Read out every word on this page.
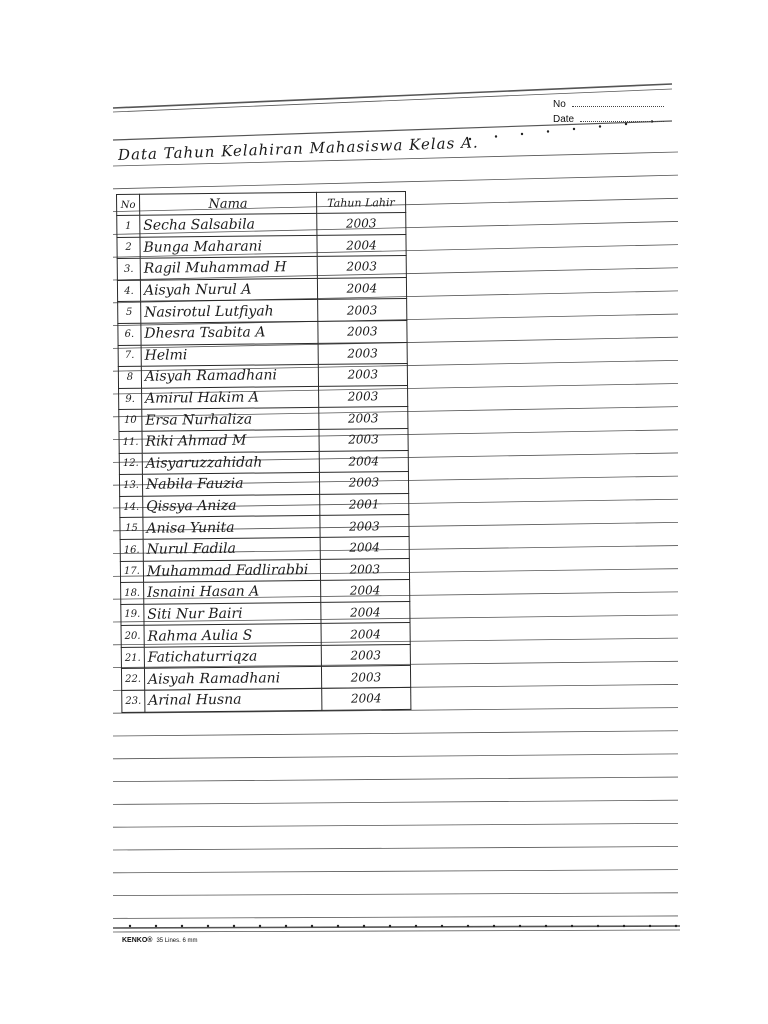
No
Date
Data Tahun Kelahiran Mahasiswa Kelas A.
No	Nama	Tahun Lahir
1	Secha Salsabila	2003
2	Bunga Maharani	2004
3.	Ragil Muhammad H	2003
4.	Aisyah Nurul A	2004
5	Nasirotul Lutfiyah	2003
6.	Dhesra Tsabita A	2003
7.	Helmi	2003
8	Aisyah Ramadhani	2003
9.	Amirul Hakim A	2003
10	Ersa Nurhaliza	2003
11.	Riki Ahmad M	2003
12.	Aisyaruzzahidah	2004
13.	Nabila Fauzia	2003
14.	Qissya Aniza	2001
15	Anisa Yunita	2003
16.	Nurul Fadila	2004
17.	Muhammad Fadlirabbi	2003
18.	Isnaini Hasan A	2004
19.	Siti Nur Bairi	2004
20.	Rahma Aulia S	2004
21.	Fatichaturriqza	2003
22.	Aisyah Ramadhani	2003
23.	Arinal Husna	2004
KENKO® 35 Lines. 6 mm
